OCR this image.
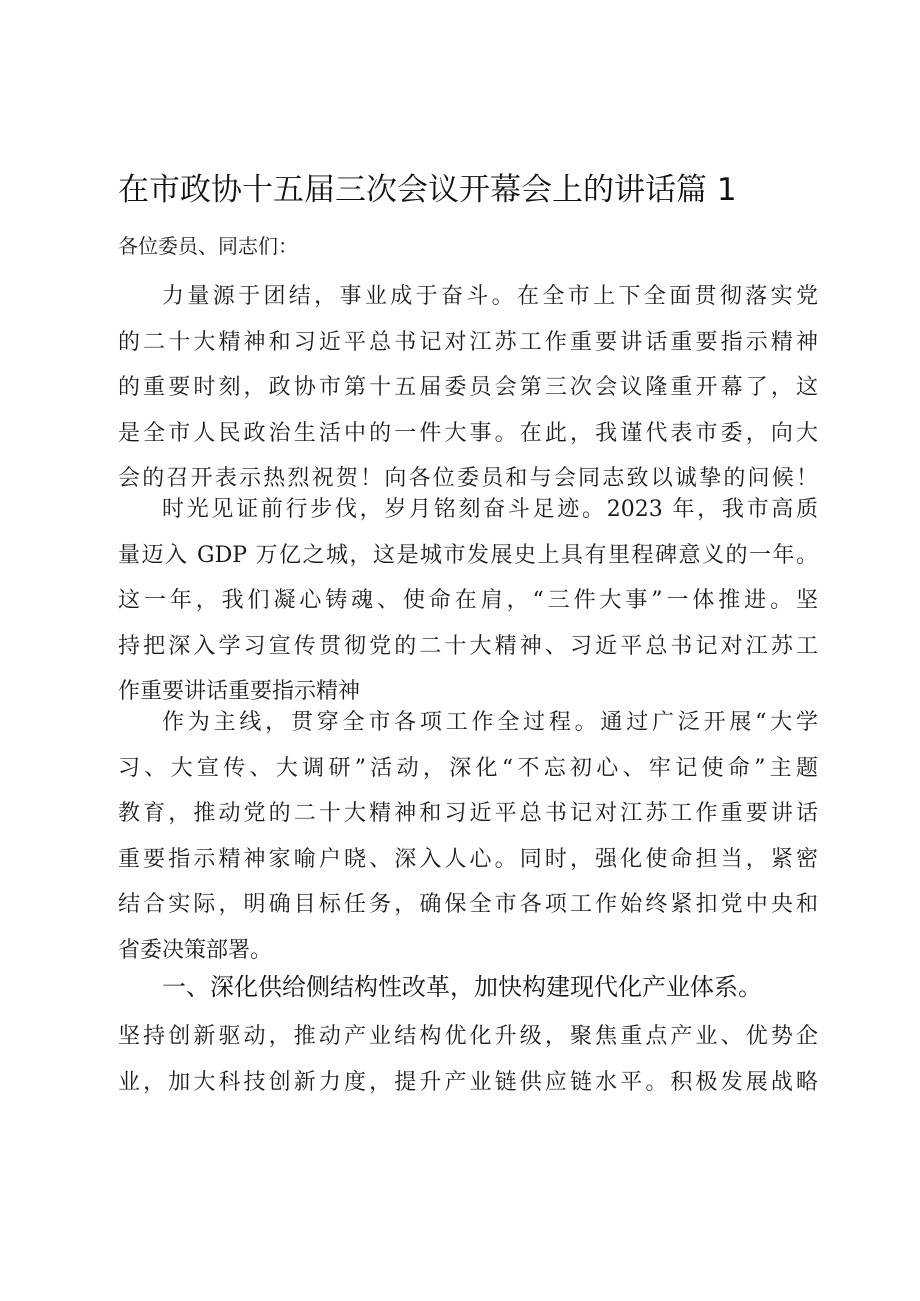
在市政协十五届三次会议开幕会上的讲话篇 1
各位委员、同志们：
力量源于团结，事业成于奋斗。在全市上下全面贯彻落实党
的二十大精神和习近平总书记对江苏工作重要讲话重要指示精神
的重要时刻，政协市第十五届委员会第三次会议隆重开幕了，这
是全市人民政治生活中的一件大事。在此，我谨代表市委，向大
会的召开表示热烈祝贺！向各位委员和与会同志致以诚挚的问候！
时光见证前行步伐，岁月铭刻奋斗足迹。2023 年，我市高质
量迈入 GDP 万亿之城，这是城市发展史上具有里程碑意义的一年。
这一年，我们凝心铸魂、使命在肩，“三件大事”一体推进。坚
持把深入学习宣传贯彻党的二十大精神、习近平总书记对江苏工
作重要讲话重要指示精神
作为主线，贯穿全市各项工作全过程。通过广泛开展“大学
习、大宣传、大调研”活动，深化“不忘初心、牢记使命”主题
教育，推动党的二十大精神和习近平总书记对江苏工作重要讲话
重要指示精神家喻户晓、深入人心。同时，强化使命担当，紧密
结合实际，明确目标任务，确保全市各项工作始终紧扣党中央和
省委决策部署。
一、深化供给侧结构性改革，加快构建现代化产业体系。
坚持创新驱动，推动产业结构优化升级，聚焦重点产业、优势企
业，加大科技创新力度，提升产业链供应链水平。积极发展战略
